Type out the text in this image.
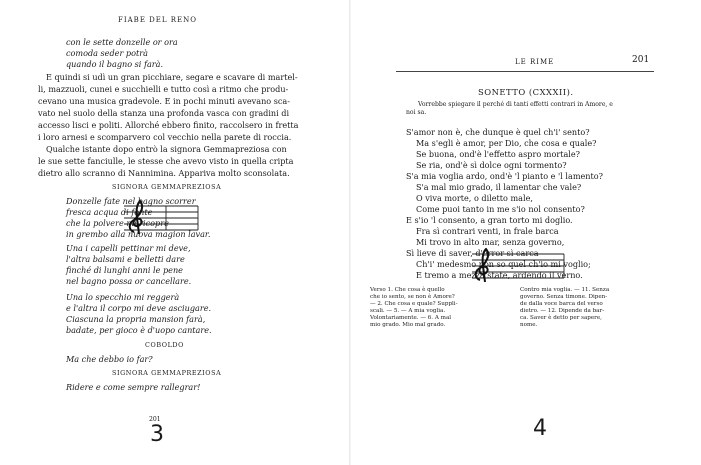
FIABE DEL RENO
con le sette donzelle or ora
comoda seder potrà
quando il bagno si farà.
E quindi si udì un gran picchiare, segare e scavare di martel-
li, mazzuoli, cunei e succhielli e tutto così a ritmo che produ-
cevano una musica gradevole. E in pochi minuti avevano sca-
vato nel suolo della stanza una profonda vasca con gradini di
accesso lisci e politi. Allorché ebbero finito, raccolsero in fretta
i loro arnesi e scomparvero col vecchio nella parete di roccia.
Qualche istante dopo entrò la signora Gemmapreziosa con
le sue sette fanciulle, le stesse che avevo visto in quella cripta
dietro allo scranno di Nannimina. Appariva molto sconsolata.
SIGNORA GEMMAPREZIOSA
Donzelle fate nel bagno scorrer
fresca acqua di fonte
che la polvere mi ricopre
in grembo alla nuova magion lavar.
Una i capelli pettinar mi deve,
l'altra balsami e belletti dare
finché di lunghi anni le pene
nel bagno possa or cancellare.
Una lo specchio mi reggerà
e l'altra il corpo mi deve asciugare.
Ciascuna la propria mansion farà,
badate, per gioco è d'uopo cantare.
COBOLDO
Ma che debbo io far?
SIGNORA GEMMAPREZIOSA
Ridere e come sempre rallegrar!
201
3
LE RIME	201
SONETTO (CXXXII).
Vorrebbe spiegare il perché di tanti effetti contrari in Amore, e
noi sa.
S'amor non è, che dunque è quel ch'i' sento?
Ma s'egli è amor, per Dio, che cosa e quale?
Se buona, ond'è l'effetto aspro mortale?
Se ria, ond'è sì dolce ogni tormento?
S'a mia voglia ardo, ond'è 'l pianto e 'l lamento?
S'a mal mio grado, il lamentar che vale?
O viva morte, o diletto male,
Come puoi tanto in me s'io nol consento?
E s'io 'l consento, a gran torto mi doglio.
Fra sì contrari venti, in frale barca
Mi trovo in alto mar, senza governo,
Sì lieve di saver, d'error sì carca
Ch'i' medesmo non so quel ch'io mi voglio;
E tremo a mezza state, ardendo il verno.
Verso 1. Che cosa è quello
che io sento, se non è Amore?
— 2. Che cosa e quale? Suppli-
scali. — 5. — A mia voglia.
Volontariamente. — 6. A mal
mio grado. Mio mal grado.
Contro mia voglia. — 11. Senza
governo. Senza timone. Dipen-
de dalla voce barca del verso
dietro. — 12. Dipende da bar-
ca. Saver è detto per sapere,
nome.
4
